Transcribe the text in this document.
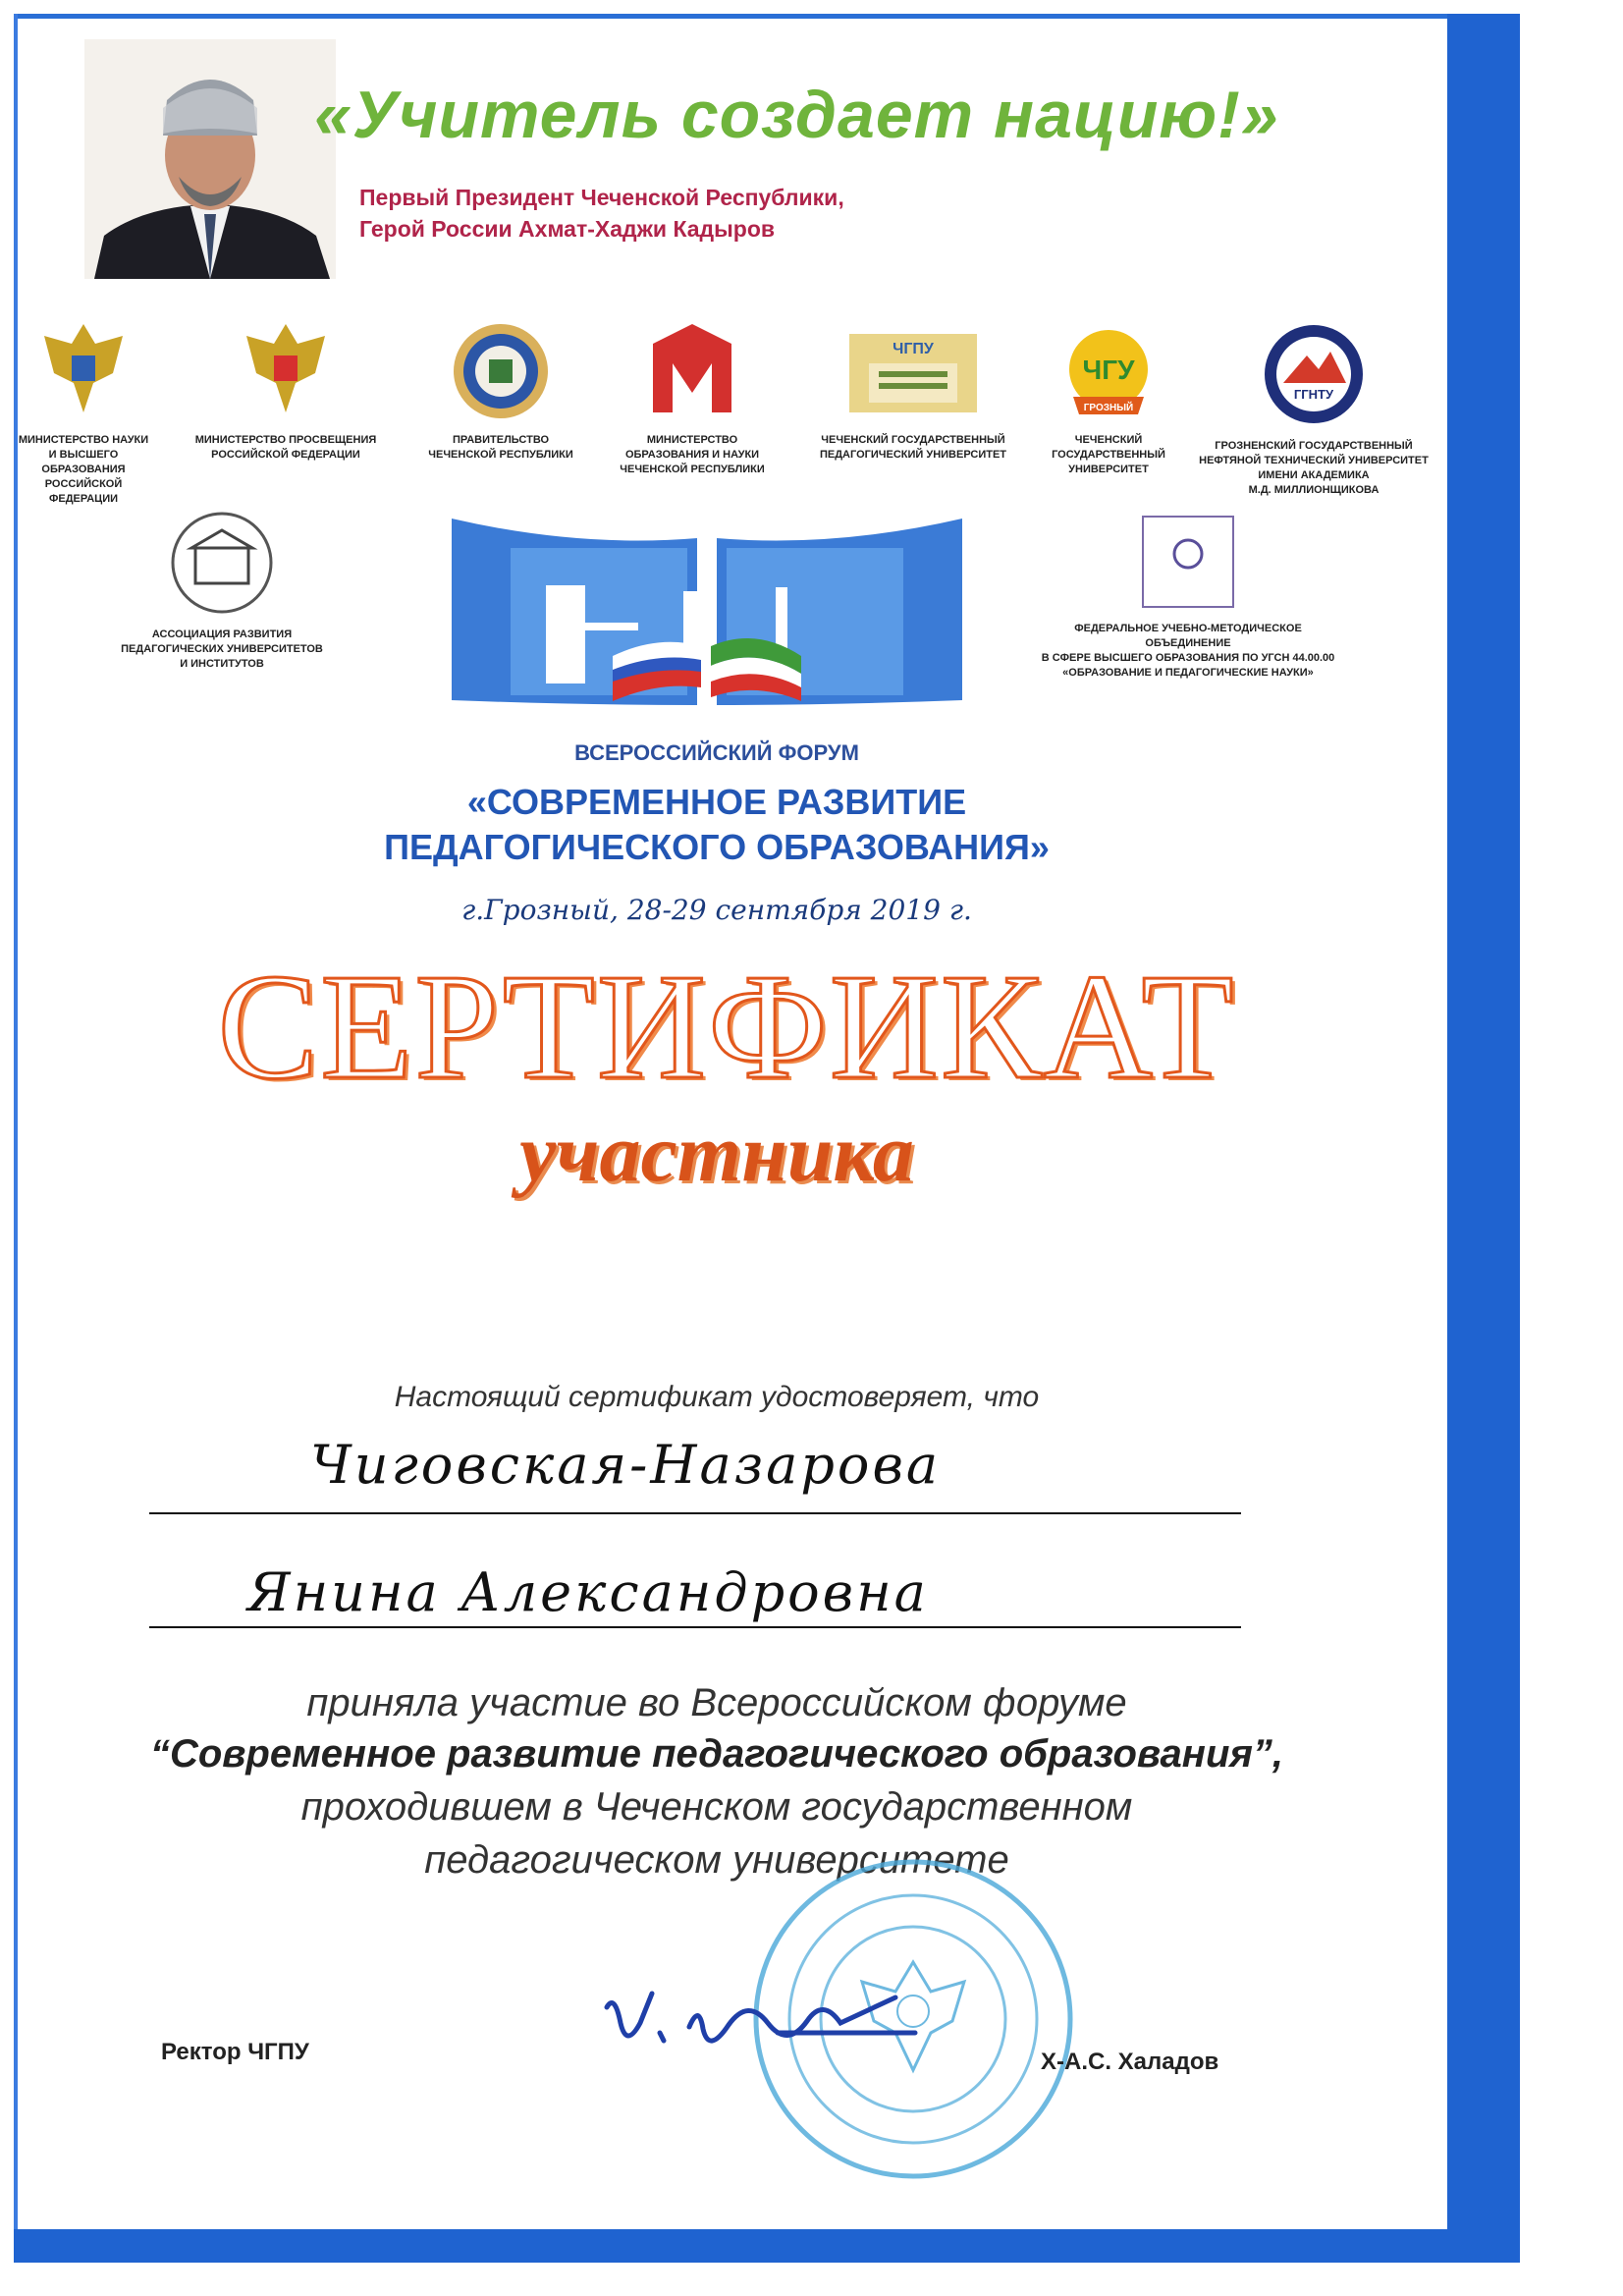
«Учитель создает нацию!»
Первый Президент Чеченской Республики,
Герой России Ахмат-Хаджи Кадыров
МИНИСТЕРСТВО НАУКИ
И ВЫСШЕГО ОБРАЗОВАНИЯ
РОССИЙСКОЙ ФЕДЕРАЦИИ
МИНИСТЕРСТВО ПРОСВЕЩЕНИЯ
РОССИЙСКОЙ ФЕДЕРАЦИИ
ПРАВИТЕЛЬСТВО
ЧЕЧЕНСКОЙ РЕСПУБЛИКИ
МИНИСТЕРСТВО
ОБРАЗОВАНИЯ И НАУКИ
ЧЕЧЕНСКОЙ РЕСПУБЛИКИ
ЧГПУ
ЧЕЧЕНСКИЙ ГОСУДАРСТВЕННЫЙ
ПЕДАГОГИЧЕСКИЙ УНИВЕРСИТЕТ
ЧГУ
ГРОЗНЫЙ
ЧЕЧЕНСКИЙ
ГОСУДАРСТВЕННЫЙ
УНИВЕРСИТЕТ
ГГНТУ
ГРОЗНЕНСКИЙ ГОСУДАРСТВЕННЫЙ
НЕФТЯНОЙ ТЕХНИЧЕСКИЙ УНИВЕРСИТЕТ
ИМЕНИ АКАДЕМИКА
М.Д. МИЛЛИОНЩИКОВА
АССОЦИАЦИЯ РАЗВИТИЯ
ПЕДАГОГИЧЕСКИХ УНИВЕРСИТЕТОВ
И ИНСТИТУТОВ
ФЕДЕРАЛЬНОЕ УЧЕБНО-МЕТОДИЧЕСКОЕ ОБЪЕДИНЕНИЕ
В СФЕРЕ ВЫСШЕГО ОБРАЗОВАНИЯ ПО УГСН 44.00.00
«ОБРАЗОВАНИЕ И ПЕДАГОГИЧЕСКИЕ НАУКИ»
ВСЕРОССИЙСКИЙ ФОРУМ
«СОВРЕМЕННОЕ РАЗВИТИЕ
ПЕДАГОГИЧЕСКОГО ОБРАЗОВАНИЯ»
г.Грозный, 28-29 сентября 2019 г.
СЕРТИФИКАТ
участника
Настоящий сертификат удостоверяет, что
Чиговская-Назарова
Янина Александровна
приняла участие во Всероссийском форуме
“Современное развитие педагогического образования”,
проходившем в Чеченском государственном
педагогическом университете
Ректор ЧГПУ	Х-А.С. Халадов
